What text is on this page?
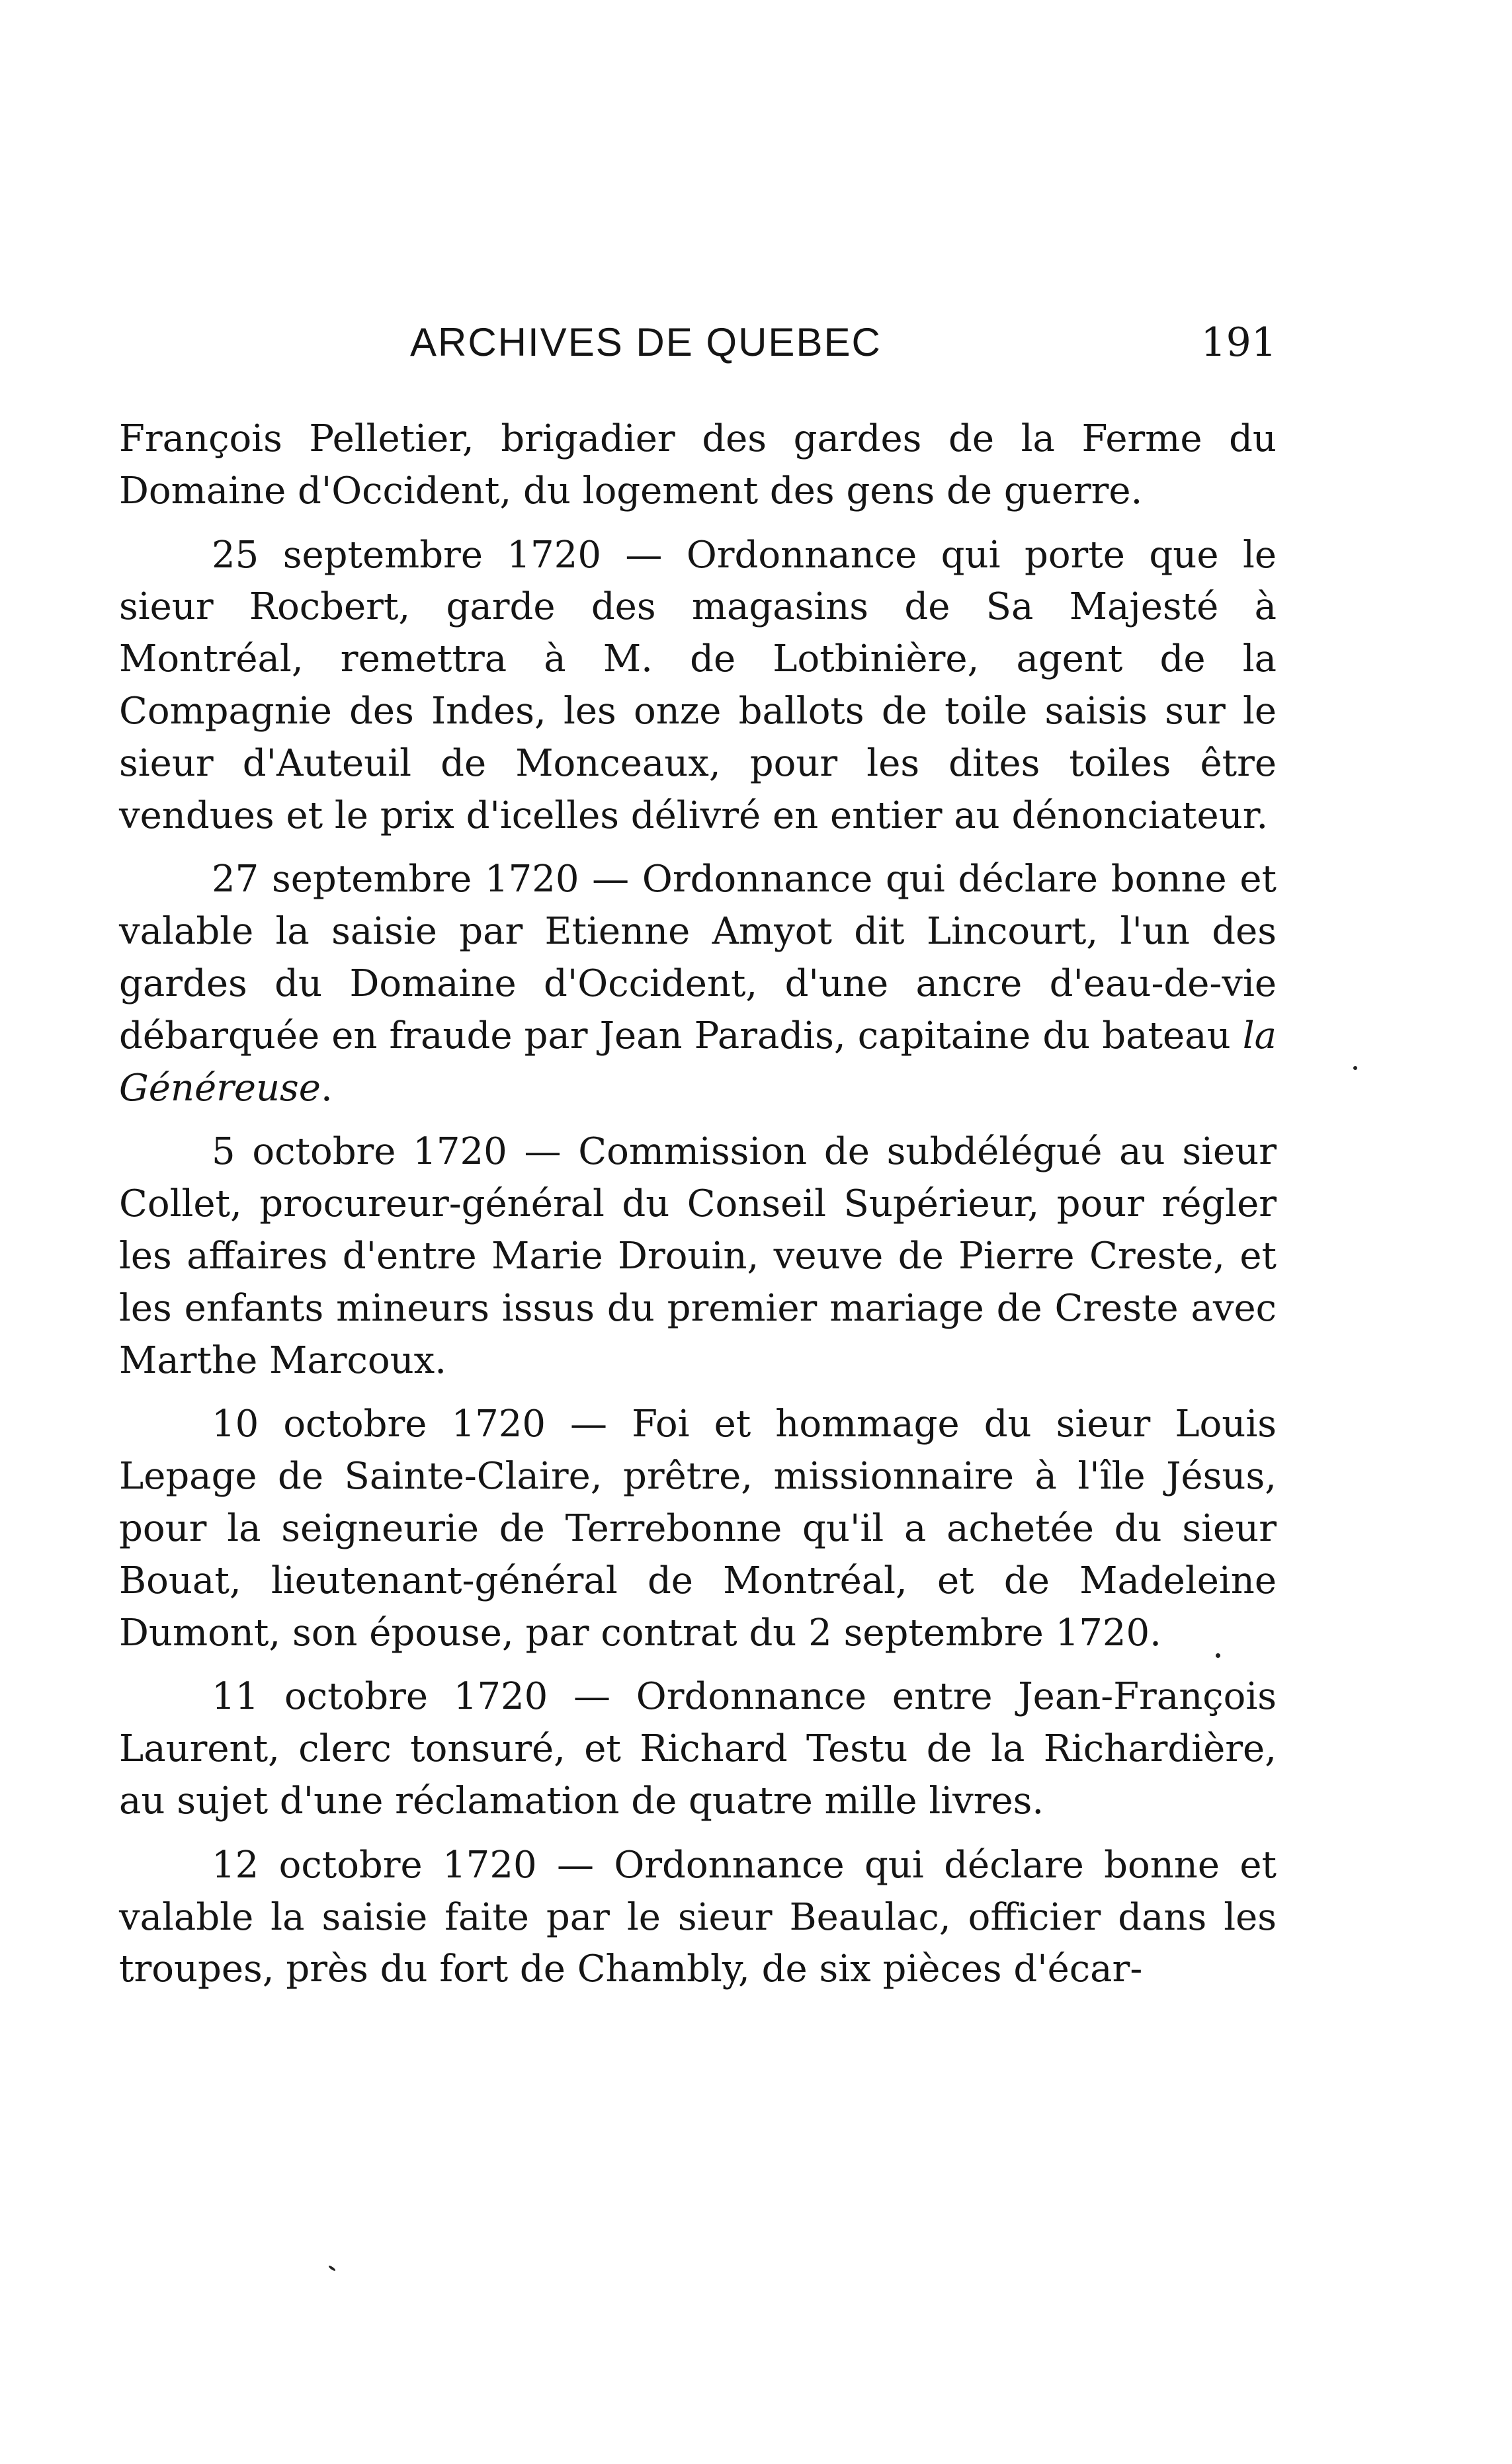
ARCHIVES DE QUEBEC	191

François Pelletier, brigadier des gardes de la Ferme du Domaine d'Occident, du logement des gens de guerre.

25 septembre 1720 — Ordonnance qui porte que le sieur Rocbert, garde des magasins de Sa Majesté à Montréal, remettra à M. de Lotbinière, agent de la Compagnie des Indes, les onze ballots de toile saisis sur le sieur d'Auteuil de Monceaux, pour les dites toiles être vendues et le prix d'icelles délivré en entier au dénonciateur.

27 septembre 1720 — Ordonnance qui déclare bonne et valable la saisie par Etienne Amyot dit Lincourt, l'un des gardes du Domaine d'Occident, d'une ancre d'eau-de-vie débarquée en fraude par Jean Paradis, capitaine du bateau la Généreuse.

5 octobre 1720 — Commission de subdélégué au sieur Collet, procureur-général du Conseil Supérieur, pour régler les affaires d'entre Marie Drouin, veuve de Pierre Creste, et les enfants mineurs issus du premier mariage de Creste avec Marthe Marcoux.

10 octobre 1720 — Foi et hommage du sieur Louis Lepage de Sainte-Claire, prêtre, missionnaire à l'île Jésus, pour la seigneurie de Terrebonne qu'il a achetée du sieur Bouat, lieutenant-général de Montréal, et de Madeleine Dumont, son épouse, par contrat du 2 septembre 1720.

11 octobre 1720 — Ordonnance entre Jean-François Laurent, clerc tonsuré, et Richard Testu de la Richardière, au sujet d'une réclamation de quatre mille livres.

12 octobre 1720 — Ordonnance qui déclare bonne et valable la saisie faite par le sieur Beaulac, officier dans les troupes, près du fort de Chambly, de six pièces d'écar-
